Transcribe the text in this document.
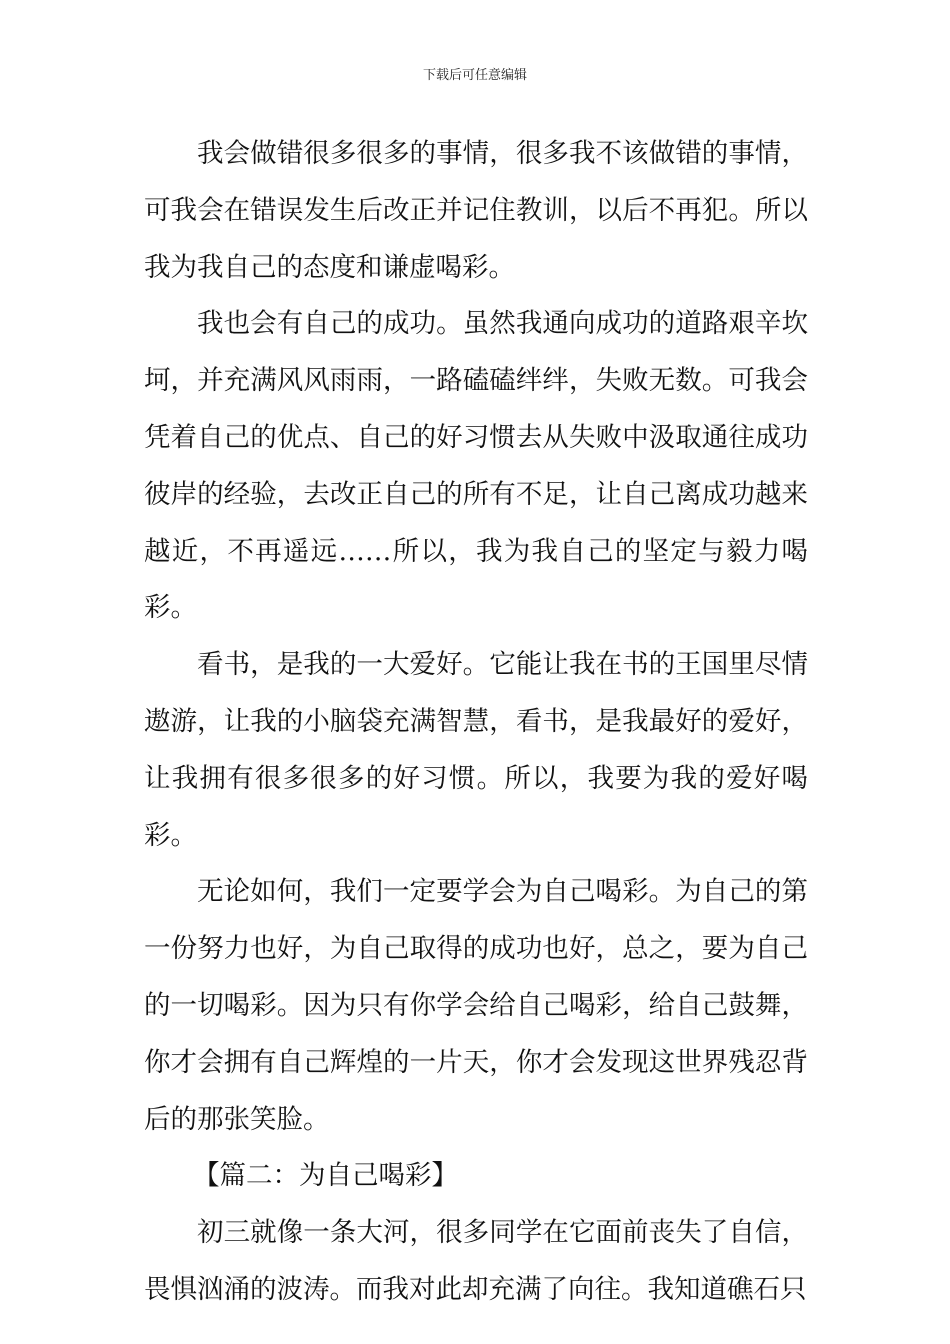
下载后可任意编辑

我会做错很多很多的事情，很多我不该做错的事情，可我会在错误发生后改正并记住教训，以后不再犯。所以我为我自己的态度和谦虚喝彩。

我也会有自己的成功。虽然我通向成功的道路艰辛坎坷，并充满风风雨雨，一路磕磕绊绊，失败无数。可我会凭着自己的优点、自己的好习惯去从失败中汲取通往成功彼岸的经验，去改正自己的所有不足，让自己离成功越来越近，不再遥远……所以，我为我自己的坚定与毅力喝彩。

看书，是我的一大爱好。它能让我在书的王国里尽情遨游，让我的小脑袋充满智慧，看书，是我最好的爱好，让我拥有很多很多的好习惯。所以，我要为我的爱好喝彩。

无论如何，我们一定要学会为自己喝彩。为自己的第一份努力也好，为自己取得的成功也好，总之，要为自己的一切喝彩。因为只有你学会给自己喝彩，给自己鼓舞，你才会拥有自己辉煌的一片天，你才会发现这世界残忍背后的那张笑脸。

【篇二：为自己喝彩】

初三就像一条大河，很多同学在它面前丧失了自信，畏惧汹涌的波涛。而我对此却充满了向往。我知道礁石只
